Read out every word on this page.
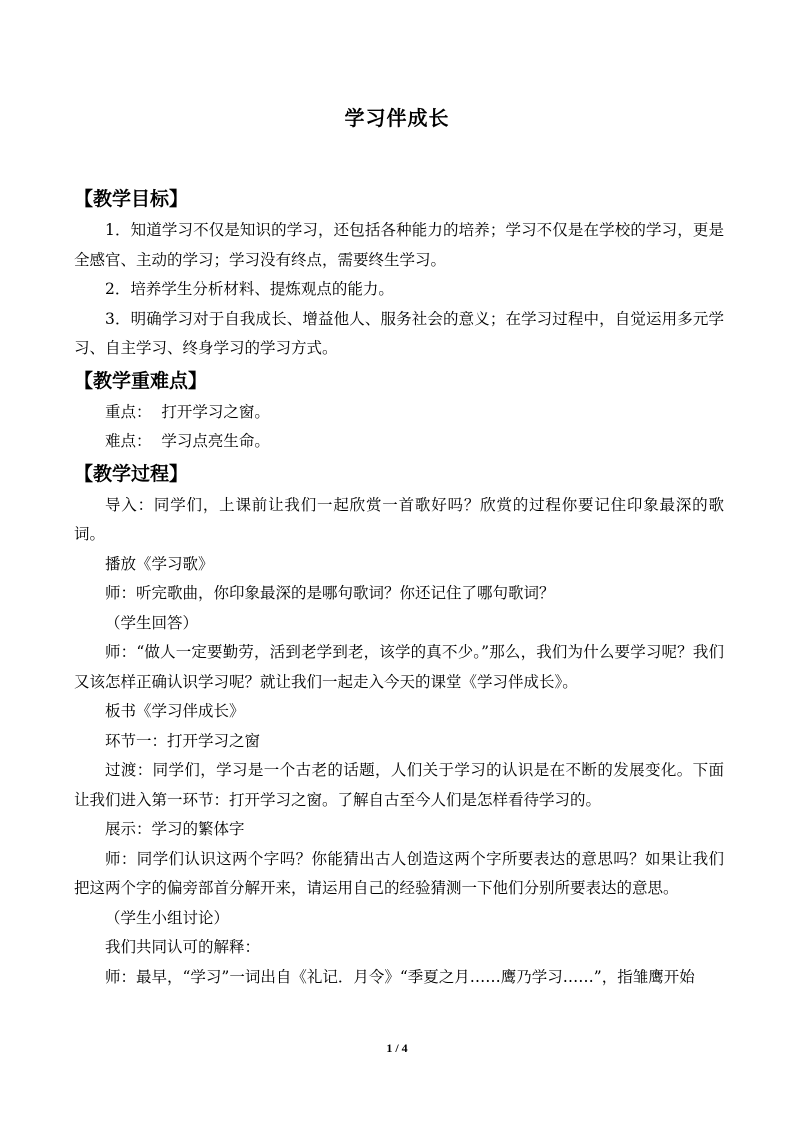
学习伴成长
【教学目标】

1．知道学习不仅是知识的学习，还包括各种能力的培养；学习不仅是在学校的学习，更是全感官、主动的学习；学习没有终点，需要终生学习。

2．培养学生分析材料、提炼观点的能力。

3．明确学习对于自我成长、增益他人、服务社会的意义；在学习过程中，自觉运用多元学习、自主学习、终身学习的学习方式。

【教学重难点】

重点：  打开学习之窗。

难点：  学习点亮生命。

【教学过程】

导入：同学们，上课前让我们一起欣赏一首歌好吗？欣赏的过程你要记住印象最深的歌词。

播放《学习歌》

师：听完歌曲，你印象最深的是哪句歌词？你还记住了哪句歌词？

（学生回答）

师：“做人一定要勤劳，活到老学到老，该学的真不少。”那么，我们为什么要学习呢？我们又该怎样正确认识学习呢？就让我们一起走入今天的课堂《学习伴成长》。

板书《学习伴成长》

环节一：打开学习之窗

过渡：同学们，学习是一个古老的话题，人们关于学习的认识是在不断的发展变化。下面让我们进入第一环节：打开学习之窗。了解自古至今人们是怎样看待学习的。

展示：学习的繁体字

师：同学们认识这两个字吗？你能猜出古人创造这两个字所要表达的意思吗？如果让我们把这两个字的偏旁部首分解开来，请运用自己的经验猜测一下他们分别所要表达的意思。

（学生小组讨论）

我们共同认可的解释：

师：最早，“学习”一词出自《礼记．月令》“季夏之月……鹰乃学习……”，指雏鹰开始

1 / 4
